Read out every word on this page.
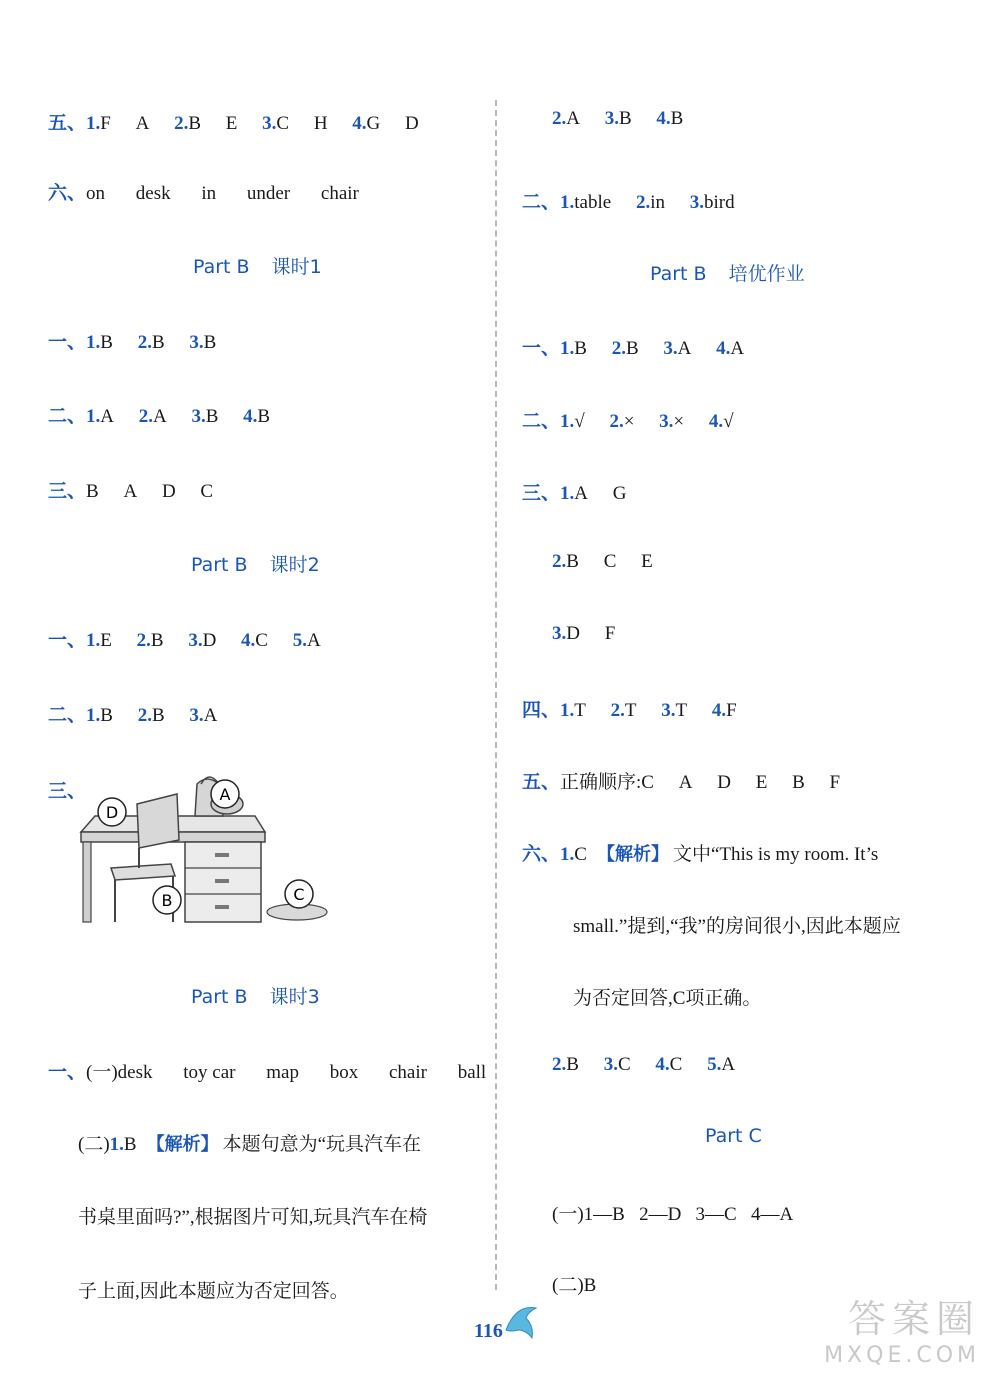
五、1.F A 2.B E 3.C H 4.G D
六、on desk in under chair
Part B 课时1
一、1.B 2.B 3.B
二、1.A 2.A 3.B 4.B
三、B A D C
Part B 课时2
一、1.E 2.B 3.D 4.C 5.A
二、1.B 2.B 3.A
三、
D
A
B	C
Part B 课时3
一、(一)desk toy car map box chair ball
(二)1.B 【解析】 本题句意为“玩具汽车在
书桌里面吗?”,根据图片可知,玩具汽车在椅
子上面,因此本题应为否定回答。
2.A 3.B 4.B
二、1.table 2.in 3.bird
Part B 培优作业
一、1.B 2.B 3.A 4.A
二、1.√ 2.× 3.× 4.√
三、1.A G
2.B C E
3.D F
四、1.T 2.T 3.T 4.F
五、正确顺序:C A D E B F
六、1.C 【解析】 文中“This is my room. It’s
small.”提到,“我”的房间很小,因此本题应
为否定回答,C项正确。
2.B 3.C 4.C 5.A
Part C
(一)1—B   2—D   3—C   4—A
(二)B
116	答案圈
MXQE.COM
